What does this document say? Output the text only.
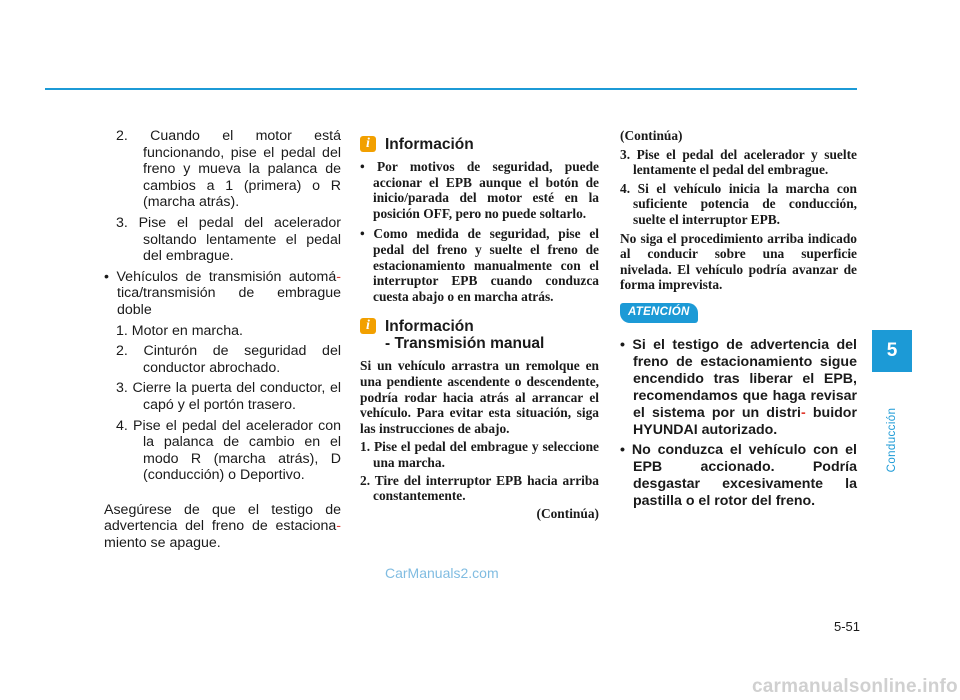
2. Cuando el motor está funcionando, pise el pedal del freno y mueva la palanca de cambios a 1 (primera) o R (marcha atrás).

3. Pise el pedal del acelerador soltando lentamente el pedal del embrague.

• Vehículos de transmisión automá- tica/transmisión de embrague doble

1. Motor en marcha.

2. Cinturón de seguridad del conductor abrochado.

3. Cierre la puerta del conductor, el capó y el portón trasero.

4. Pise el pedal del acelerador con la palanca de cambio en el modo R (marcha atrás), D (conducción) o Deportivo.

Asegúrese de que el testigo de advertencia del freno de estaciona- miento se apague.

i Información

• Por motivos de seguridad, puede accionar el EPB aunque el botón de inicio/parada del motor esté en la posición OFF, pero no puede soltarlo.

• Como medida de seguridad, pise el pedal del freno y suelte el freno de estacionamiento manualmente con el interruptor EPB cuando conduzca cuesta abajo o en marcha atrás.

i Información
- Transmisión manual

Si un vehículo arrastra un remolque en una pendiente ascendente o descendente, podría rodar hacia atrás al arrancar el vehículo. Para evitar esta situación, siga las instrucciones de abajo.

1. Pise el pedal del embrague y seleccione una marcha.

2. Tire del interruptor EPB hacia arriba constantemente.

(Continúa)

(Continúa)

3. Pise el pedal del acelerador y suelte lentamente el pedal del embrague.

4. Si el vehículo inicia la marcha con suficiente potencia de conducción, suelte el interruptor EPB.

No siga el procedimiento arriba indicado al conducir sobre una superficie nivelada. El vehículo podría avanzar de forma imprevista.

ATENCIÓN

• Si el testigo de advertencia del freno de estacionamiento sigue encendido tras liberar el EPB, recomendamos que haga revisar el sistema por un distri- buidor HYUNDAI autorizado.

• No conduzca el vehículo con el EPB accionado. Podría desgastar excesivamente la pastilla o el rotor del freno.

5
Conducción
5-51
CarManuals2.com
carmanualsonline.info
